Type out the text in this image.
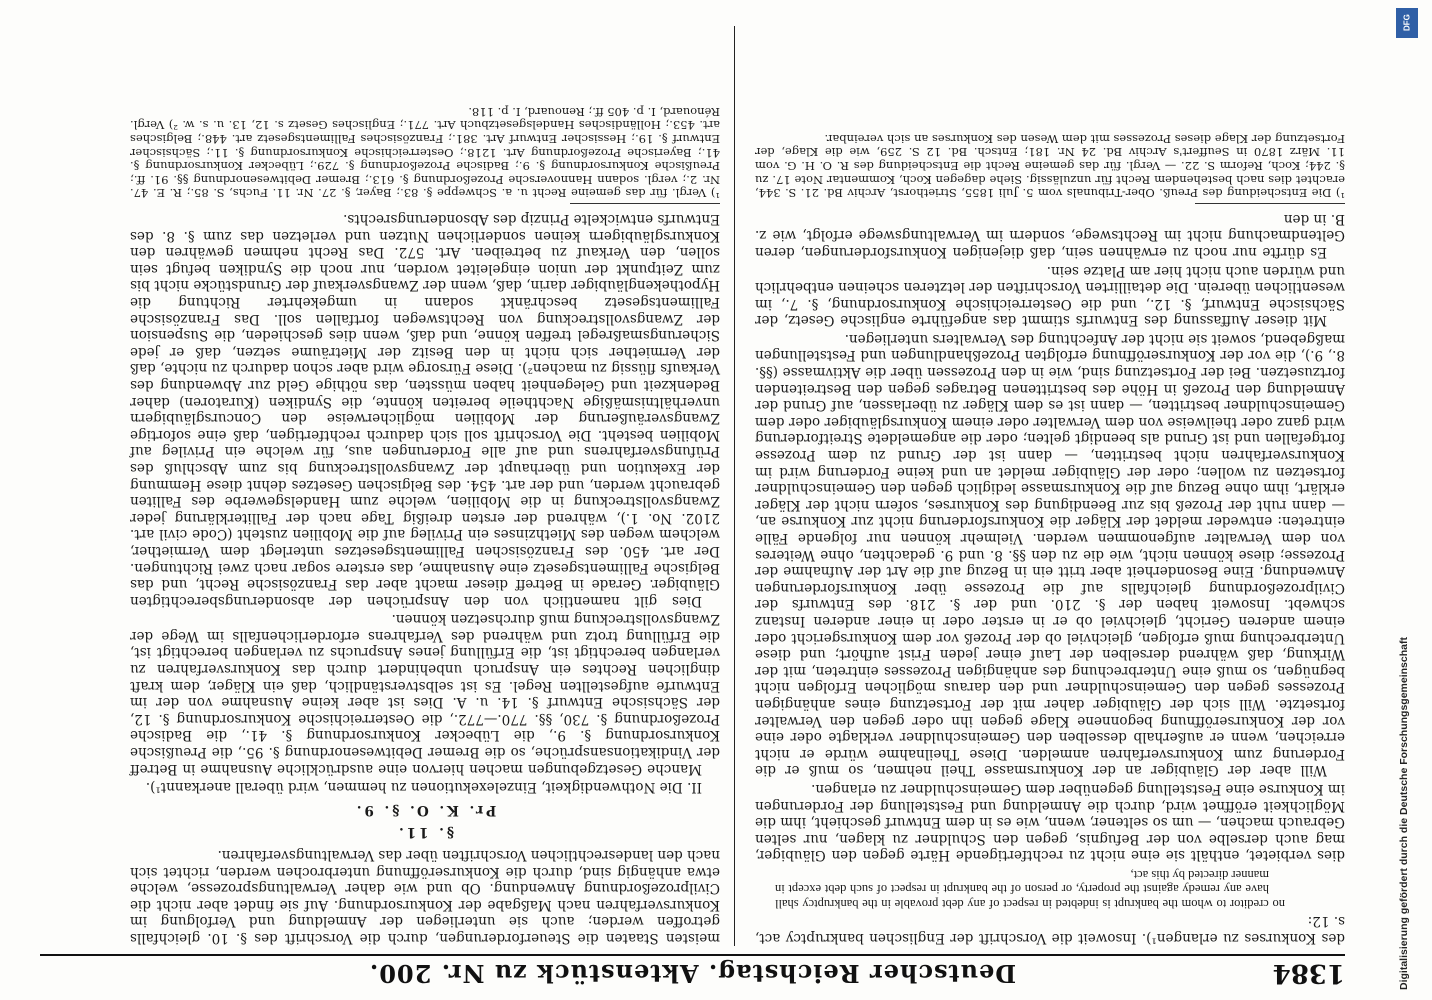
1384
Deutscher Reichstag. Aktenstück zu Nr. 200.

des Konkurses zu erlangen¹). Insoweit die Vorschrift der Englischen bankruptcy act, s. 12:

no creditor to whom the bankrupt is indebted in respect of any debt provable in the bankruptcy shall have any remedy against the property, or person of the bankrupt in respect of such debt except in manner directed by this act,

dies verbietet, enthält sie eine nicht zu rechtfertigende Härte gegen den Gläubiger, mag auch derselbe von der Befugnis, gegen den Schuldner zu klagen, nur selten Gebrauch machen, — um so seltener, wenn, wie es in dem Entwurf geschieht, ihm die Möglichkeit eröffnet wird, durch die Anmeldung und Feststellung der Forderungen im Konkurse eine Feststellung gegenüber dem Gemeinschuldner zu erlangen.

Will aber der Gläubiger an der Konkursmasse Theil nehmen, so muß er die Forderung zum Konkursverfahren anmelden. Diese Theilnahme würde er nicht erreichen, wenn er außerhalb desselben den Gemeinschuldner verklagte oder eine vor der Konkurseröffnung begonnene Klage gegen ihn oder gegen den Verwalter fortsetzte. Will sich der Gläubiger daher mit der Fortsetzung eines anhängigen Prozesses gegen den Gemeinschuldner und den daraus möglichen Erfolgen nicht begnügen, so muß eine Unterbrechung des anhängigen Prozesses eintreten, mit der Wirkung, daß während derselben der Lauf einer jeden Frist aufhört; und diese Unterbrechung muß erfolgen, gleichviel ob der Prozeß vor dem Konkursgericht oder einem anderen Gericht, gleichviel ob er in erster oder in einer anderen Instanz schwebt. Insoweit haben der §. 210. und der §. 218. des Entwurfs der Civilprozeßordnung gleichfalls auf die Prozesse über Konkursforderungen Anwendung. Eine Besonderheit aber tritt ein in Bezug auf die Art der Aufnahme der Prozesse; diese können nicht, wie die zu den §§. 8. und 9. gedachten, ohne Weiteres von dem Verwalter aufgenommen werden. Vielmehr können nur folgende Fälle eintreten: entweder meldet der Kläger die Konkursforderung nicht zur Konkurse an, — dann ruht der Prozeß bis zur Beendigung des Konkurses, sofern nicht der Kläger erklärt, ihm ohne Bezug auf die Konkursmasse lediglich gegen den Gemeinschuldner fortsetzen zu wollen; oder der Gläubiger meldet an und keine Forderung wird im Konkursverfahren nicht bestritten, — dann ist der Grund zu dem Prozesse fortgefallen und ist Grund als beendigt gelten; oder die angemeldete Streitforderung wird ganz oder theilweise von dem Verwalter oder einem Konkursgläubiger oder dem Gemeinschuldner bestritten, — dann ist es dem Kläger zu überlassen, auf Grund der Anmeldung den Prozeß in Höhe des bestrittenen Betrages gegen den Bestreitenden fortzusetzen. Bei der Fortsetzung sind, wie in den Prozessen über die Aktivmasse (§§. 8., 9.), die vor der Konkurseröffnung erfolgten Prozeßhandlungen und Feststellungen maßgebend, soweit sie nicht der Anfechtung des Verwalters unterliegen.

Mit dieser Auffassung des Entwurfs stimmt das angeführte englische Gesetz, der Sächsische Entwurf, §. 12., und die Oesterreichische Konkursordnung, §. 7., im wesentlichen überein. Die detaillirten Vorschriften der letzteren scheinen entbehrlich und würden auch nicht hier am Platze sein.

Es dürfte nur noch zu erwähnen sein, daß diejenigen Konkursforderungen, deren Geltendmachung nicht im Rechtswege, sondern im Verwaltungswege erfolgt, wie z. B. in den

¹) Die Entscheidung des Preuß. Ober-Tribunals vom 5. Juli 1855, Striethorst, Archiv Bd. 21. S. 344, erachtet dies nach bestehendem Recht für unzulässig. Siehe dagegen Koch, Kommentar Note 17. zu §. 244; Koch, Reform S. 22. — Vergl. für das gemeine Recht die Entscheidung des R. O. H. G. vom 11. März 1870 in Seuffert's Archiv Bd. 24 Nr. 181; Entsch. Bd. 12 S. 259, wie die Klage, der Fortsetzung der Klage dieses Prozesses mit dem Wesen des Konkurses an sich vereinbar.

meisten Staaten die Steuerforderungen, durch die Vorschrift des §. 10. gleichfalls getroffen werden; auch sie unterliegen der Anmeldung und Verfolgung im Konkursverfahren nach Maßgabe der Konkursordnung. Auf sie findet aber nicht die Civilprozeßordnung Anwendung. Ob und wie daher Verwaltungsprozesse, welche etwa anhängig sind, durch die Konkurseröffnung unterbrochen werden, richtet sich nach den landesrechtlichen Vorschriften über das Verwaltungsverfahren.

§. 11.

Pr. K. O. §. 9.

II. Die Nothwendigkeit, Einzelexekutionen zu hemmen, wird überall anerkannt¹).

Manche Gesetzgebungen machen hiervon eine ausdrückliche Ausnahme in Betreff der Vindikationsansprüche, so die Bremer Debitwesenordnung §. 95., die Preußische Konkursordnung §. 9., die Lübecker Konkursordnung §. 41., die Badische Prozeßordnung §. 730, §§. 770.—772., die Oesterreichische Konkursordnung §. 12, der Sächsische Entwurf §. 14. u. A. Dies ist aber keine Ausnahme von der im Entwurfe aufgestellten Regel. Es ist selbstverständlich, daß ein Kläger, dem kraft dinglichen Rechtes ein Anspruch unbehindert durch das Konkursverfahren zu verlangen berechtigt ist, die Erfüllung jenes Anspruchs zu verlangen berechtigt ist, die Erfüllung trotz und während des Verfahrens erforderlichenfalls im Wege der Zwangsvollstreckung muß durchsetzen können.

Dies gilt namentlich von den Ansprüchen der absonderungsberechtigten Gläubiger. Gerade in Betreff dieser macht aber das Französische Recht, und das Belgische Fallimentsgesetz eine Ausnahme, das erstere sogar nach zwei Richtungen. Der art. 450. des Französischen Fallimentsgesetzes unterlegt dem Vermiether, welchem wegen des Miethzinses ein Privileg auf die Mobilien zusteht (Code civil art. 2102. No. 1.), während der ersten dreißig Tage nach der Falliterklärung jeder Zwangsvollstreckung in die Mobilien, welche zum Handelsgewerbe des Falliten gebraucht werden, und der art. 454. des Belgischen Gesetzes dehnt diese Hemmung der Exekution und überhaupt der Zwangsvollstreckung bis zum Abschluß des Prüfungsverfahrens und auf alle Forderungen aus, für welche ein Privileg auf Mobilien besteht. Die Vorschrift soll sich dadurch rechtfertigen, daß eine sofortige Zwangsveräußerung der Mobilien möglicherweise den Concursgläubigern unverhältnismäßige Nachtheile bereiten könnte, die Syndiken (Kuratoren) daher Bedenkzeit und Gelegenheit haben müssten, das nöthige Geld zur Abwendung des Verkaufs flüssig zu machen²). Diese Fürsorge wird aber schon dadurch zu nichte, daß der Vermiether sich nicht in den Besitz der Mieträume setzen, daß er jede Sicherungsmaßregel treffen könne, und daß, wenn dies geschieden, die Suspension der Zwangsvollstreckung von Rechtswegen fortfallen soll. Das Französische Fallimentsgesetz beschränkt sodann in umgekehrter Richtung die Hypothekengläubiger darin, daß, wenn der Zwangsverkauf der Grundstücke nicht bis zum Zeitpunkt der union eingeleitet worden, nur noch die Syndiken befugt sein sollen, den Verkauf zu betreiben. Art. 572. Das Recht nehmen gewähren den Konkursgläubigern keinen sonderlichen Nutzen und verletzen das zum §. 8. des Entwurfs entwickelte Prinzip des Absonderungsrechts.

¹) Vergl. für das gemeine Recht u. a. Schweppe §. 83.; Bayer, §. 27. Nr. 11. Fuchs, S. 85.; R. E. 47. Nr. 2.; vergl. sodann Hannoversche Prozeßordnung §. 613.; Bremer Debitwesenordnung §§. 91. ff.; Preußische Konkursordnung §. 9.; Badische Prozeßordnung §. 729.; Lübecker Konkursordnung §. 41.; Bayerische Prozeßordnung Art. 1218.; Oesterreichische Konkursordnung §. 11.; Sächsischer Entwurf §. 19.; Hessischer Entwurf Art. 381.; Französisches Fallimentsgesetz art. 448.; Belgisches art. 453.; Holländisches Handelsgesetzbuch Art. 771.; Englisches Gesetz s. 12, 13. u. s. w. ²) Vergl. Rénouard, I. p. 405 ff.; Renouard, I. p. 118.

DFG
Digitalisierung gefördert durch die Deutsche Forschungsgemeinschaft
